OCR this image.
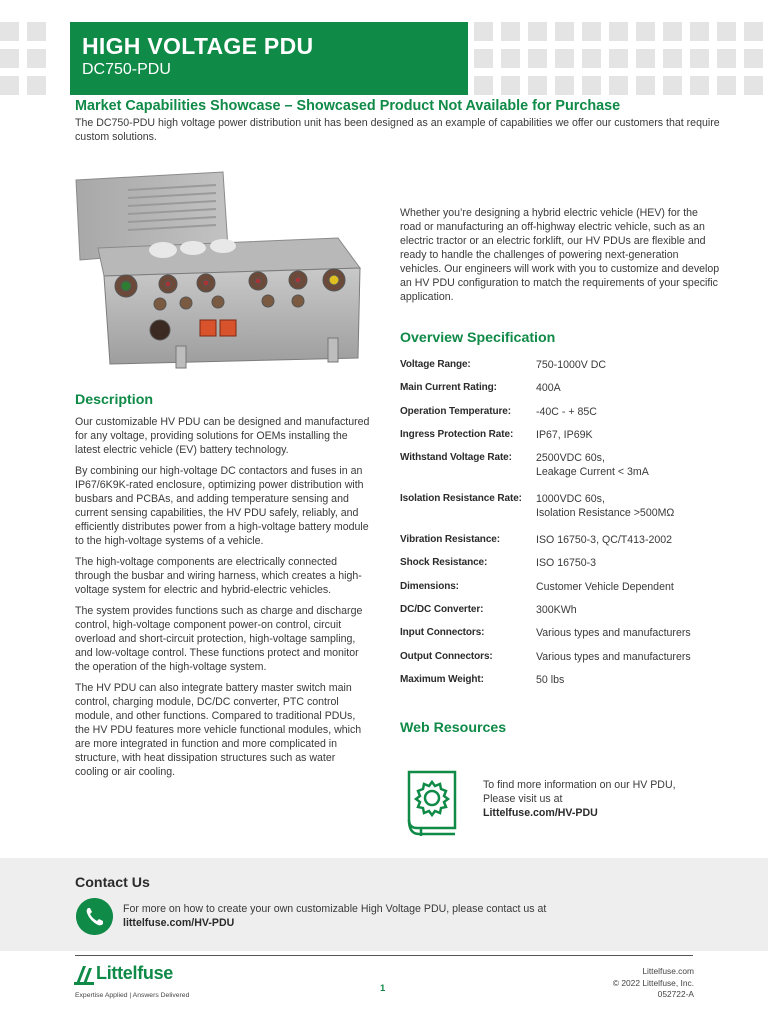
HIGH VOLTAGE PDU
DC750-PDU
Market Capabilities Showcase – Showcased Product Not Available for Purchase
The DC750-PDU high voltage power distribution unit has been designed as an example of capabilities we offer our customers that require custom solutions.
Whether you’re designing a hybrid electric vehicle (HEV) for the road or manufacturing an off-highway electric vehicle, such as an electric tractor or an electric forklift, our HV PDUs are flexible and ready to handle the challenges of powering next-generation vehicles. Our engineers will work with you to customize and develop an HV PDU configuration to match the requirements of your specific application.
Overview Specification
Voltage Range:	750-1000V DC
Main Current Rating:	400A
Operation Temperature:	-40C - + 85C
Ingress Protection Rate:	IP67, IP69K
Withstand Voltage Rate:	2500VDC 60s,
Leakage Current < 3mA
Isolation Resistance Rate:	1000VDC 60s,
Isolation Resistance >500MΩ
Vibration Resistance:	ISO 16750-3, QC/T413-2002
Shock Resistance:	ISO 16750-3
Dimensions:	Customer Vehicle Dependent
DC/DC Converter:	300KWh
Input Connectors:	Various types and manufacturers
Output Connectors:	Various types and manufacturers
Maximum Weight:	50 lbs
Description

Our customizable HV PDU can be designed and manufactured for any voltage, providing solutions for OEMs installing the latest electric vehicle (EV) battery technology.

By combining our high-voltage DC contactors and fuses in an IP67/6K9K-rated enclosure, optimizing power distribution with busbars and PCBAs, and adding temperature sensing and current sensing capabilities, the HV PDU safely, reliably, and efficiently distributes power from a high-voltage battery module to the high-voltage systems of a vehicle.

The high-voltage components are electrically connected through the busbar and wiring harness, which creates a high-voltage system for electric and hybrid-electric vehicles.

The system provides functions such as charge and discharge control, high-voltage component power-on control, circuit overload and short-circuit protection, high-voltage sampling, and low-voltage control. These functions protect and monitor the operation of the high-voltage system.

The HV PDU can also integrate battery master switch main control, charging module, DC/DC converter, PTC control module, and other functions. Compared to traditional PDUs, the HV PDU features more vehicle functional modules, which are more integrated in function and more complicated in structure, with heat dissipation structures such as water cooling or air cooling.

Web Resources
To find more information on our HV PDU, Please visit us at
Littelfuse.com/HV-PDU
Contact Us
For more on how to create your own customizable High Voltage PDU, please contact us at
littelfuse.com/HV-PDU
Littelfuse
Expertise Applied | Answers Delivered
1
Littelfuse.com
© 2022 Littelfuse, Inc.
052722-A
